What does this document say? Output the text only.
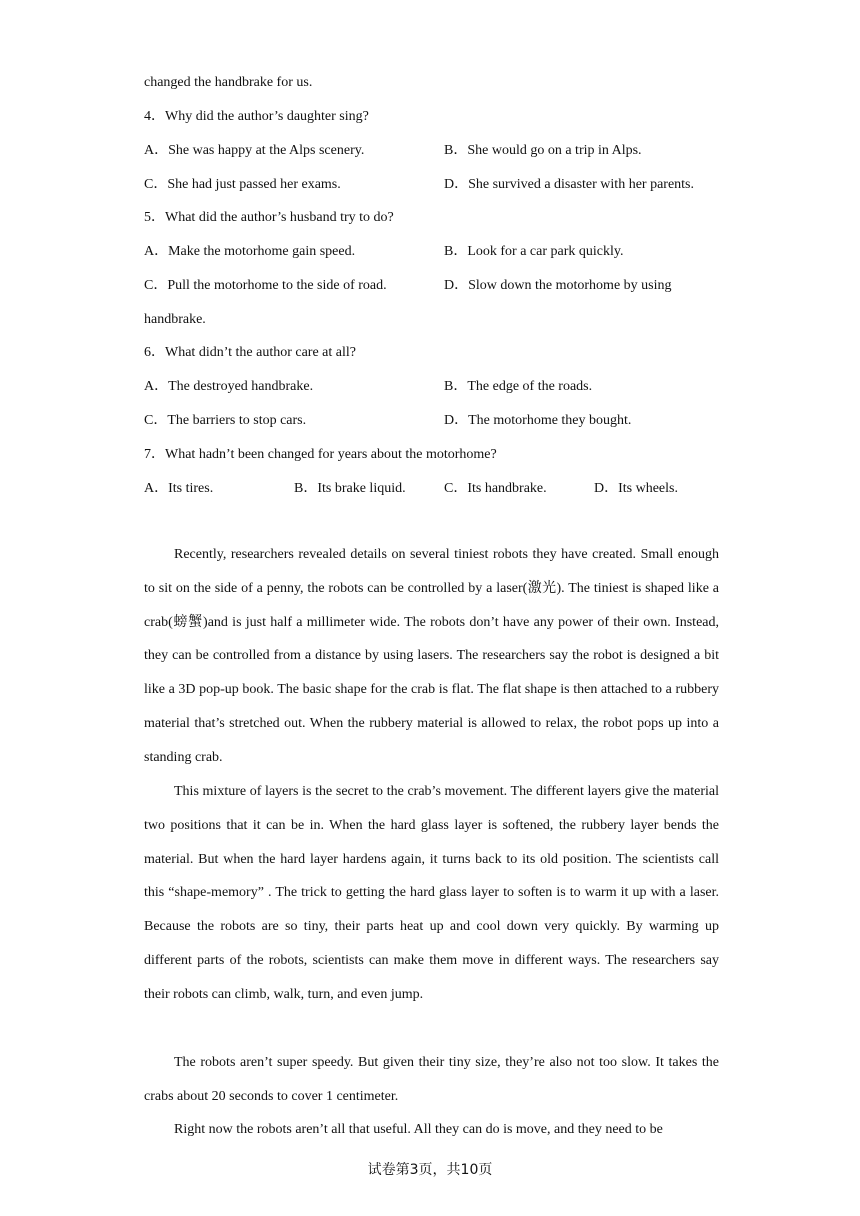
changed the handbrake for us.
4．Why did the author’s daughter sing?
A．She was happy at the Alps scenery.	B．She would go on a trip in Alps.
C．She had just passed her exams.	D．She survived a disaster with her parents.
5．What did the author’s husband try to do?
A．Make the motorhome gain speed.	B．Look for a car park quickly.
C．Pull the motorhome to the side of road.	D．Slow down the motorhome by using
handbrake.
6．What didn’t the author care at all?
A．The destroyed handbrake.	B．The edge of the roads.
C．The barriers to stop cars.	D．The motorhome they bought.
7．What hadn’t been changed for years about the motorhome?
A．Its tires.	B．Its brake liquid.	C．Its handbrake.	D．Its wheels.
Recently, researchers revealed details on several tiniest robots they have created. Small enough to sit on the side of a penny, the robots can be controlled by a laser(激光). The tiniest is shaped like a crab(螃蟹)and is just half a millimeter wide. The robots don’t have any power of their own. Instead, they can be controlled from a distance by using lasers. The researchers say the robot is designed a bit like a 3D pop-up book. The basic shape for the crab is flat. The flat shape is then attached to a rubbery material that’s stretched out. When the rubbery material is allowed to relax, the robot pops up into a standing crab.
This mixture of layers is the secret to the crab’s movement. The different layers give the material two positions that it can be in. When the hard glass layer is softened, the rubbery layer bends the material. But when the hard layer hardens again, it turns back to its old position. The scientists call this “shape-memory” . The trick to getting the hard glass layer to soften is to warm it up with a laser. Because the robots are so tiny, their parts heat up and cool down very quickly. By warming up different parts of the robots, scientists can make them move in different ways. The researchers say their robots can climb, walk, turn, and even jump.
The robots aren’t super speedy. But given their tiny size, they’re also not too slow. It takes the crabs about 20 seconds to cover 1 centimeter.
Right now the robots aren’t all that useful. All they can do is move, and they need to be
试卷第3页，共10页
